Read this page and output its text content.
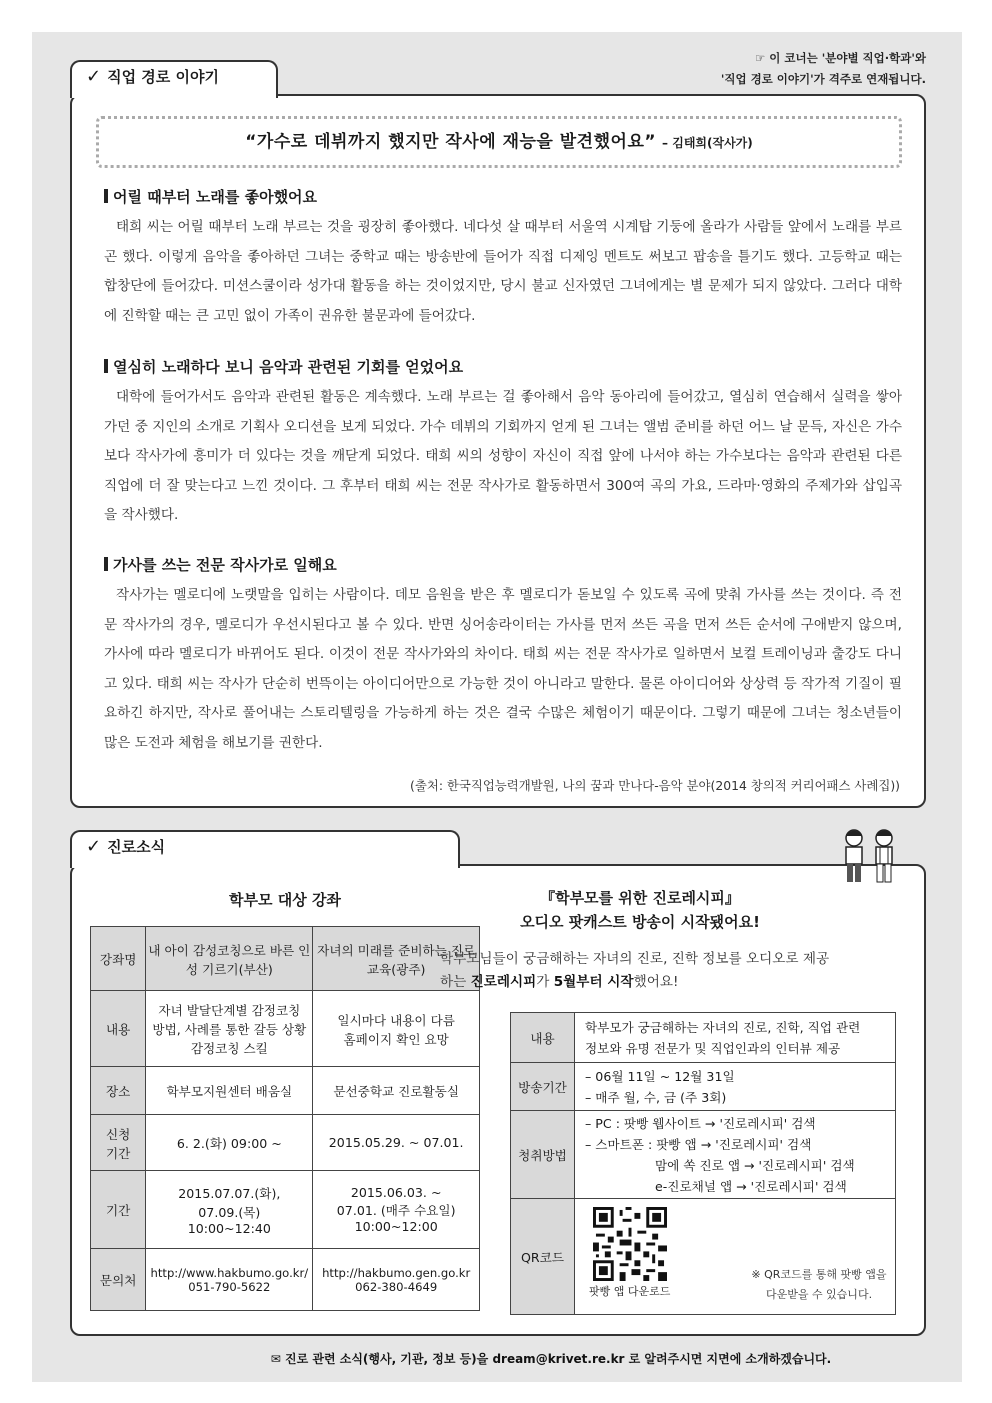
☞ 이 코너는 '분야별 직업·학과'와
'직업 경로 이야기'가 격주로 연재됩니다.
✓ 직업 경로 이야기
“가수로 데뷔까지 했지만 작사에 재능을 발견했어요” – 김태희(작사가)
어릴 때부터 노래를 좋아했어요

태희 씨는 어릴 때부터 노래 부르는 것을 굉장히 좋아했다. 네다섯 살 때부터 서울역 시계탑 기둥에 올라가 사람들 앞에서 노래를 부르곤 했다. 이렇게 음악을 좋아하던 그녀는 중학교 때는 방송반에 들어가 직접 디제잉 멘트도 써보고 팝송을 틀기도 했다. 고등학교 때는 합창단에 들어갔다. 미션스쿨이라 성가대 활동을 하는 것이었지만, 당시 불교 신자였던 그녀에게는 별 문제가 되지 않았다. 그러다 대학에 진학할 때는 큰 고민 없이 가족이 권유한 불문과에 들어갔다.

열심히 노래하다 보니 음악과 관련된 기회를 얻었어요

대학에 들어가서도 음악과 관련된 활동은 계속했다. 노래 부르는 걸 좋아해서 음악 동아리에 들어갔고, 열심히 연습해서 실력을 쌓아가던 중 지인의 소개로 기획사 오디션을 보게 되었다. 가수 데뷔의 기회까지 얻게 된 그녀는 앨범 준비를 하던 어느 날 문득, 자신은 가수보다 작사가에 흥미가 더 있다는 것을 깨닫게 되었다. 태희 씨의 성향이 자신이 직접 앞에 나서야 하는 가수보다는 음악과 관련된 다른 직업에 더 잘 맞는다고 느낀 것이다. 그 후부터 태희 씨는 전문 작사가로 활동하면서 300여 곡의 가요, 드라마·영화의 주제가와 삽입곡을 작사했다.

가사를 쓰는 전문 작사가로 일해요

작사가는 멜로디에 노랫말을 입히는 사람이다. 데모 음원을 받은 후 멜로디가 돋보일 수 있도록 곡에 맞춰 가사를 쓰는 것이다. 즉 전문 작사가의 경우, 멜로디가 우선시된다고 볼 수 있다. 반면 싱어송라이터는 가사를 먼저 쓰든 곡을 먼저 쓰든 순서에 구애받지 않으며, 가사에 따라 멜로디가 바뀌어도 된다. 이것이 전문 작사가와의 차이다. 태희 씨는 전문 작사가로 일하면서 보컬 트레이닝과 출강도 다니고 있다. 태희 씨는 작사가 단순히 번뜩이는 아이디어만으로 가능한 것이 아니라고 말한다. 물론 아이디어와 상상력 등 작가적 기질이 필요하긴 하지만, 작사로 풀어내는 스토리텔링을 가능하게 하는 것은 결국 수많은 체험이기 때문이다. 그렇기 때문에 그녀는 청소년들이 많은 도전과 체험을 해보기를 권한다.

(출처: 한국직업능력개발원, 나의 꿈과 만나다-음악 분야(2014 창의적 커리어패스 사례집))
✓ 진로소식
학부모 대상 강좌
강좌명	내 아이 감성코칭으로 바른 인성 기르기(부산)	자녀의 미래를 준비하는 진로교육(광주)
내용	자녀 발달단계별 감정코칭 방법, 사례를 통한 갈등 상황 감정코칭 스킬	일시마다 내용이 다름 홈페이지 확인 요망
장소	학부모지원센터 배움실	문선중학교 진로활동실
신청 기간	6. 2.(화) 09:00 ~	2015.05.29. ~ 07.01.
기간	2015.07.07.(화), 07.09.(목) 10:00~12:40	2015.06.03. ~ 07.01. (매주 수요일) 10:00~12:00
문의처	http://www.hakbumo.go.kr/ 051-790-5622	http://hakbumo.gen.go.kr 062-380-4649
『학부모를 위한 진로레시피』
오디오 팟캐스트 방송이 시작됐어요!
학부모님들이 궁금해하는 자녀의 진로, 진학 정보를 오디오로 제공하는 진로레시피가 5월부터 시작했어요!
내용	학부모가 궁금해하는 자녀의 진로, 진학, 직업 관련
정보와 유명 전문가 및 직업인과의 인터뷰 제공

방송기간	– 06월 11일 ~ 12월 31일
– 매주 월, 수, 금 (주 3회)

청취방법	– PC : 팟빵 웹사이트 → '진로레시피' 검색
– 스마트폰 : 팟빵 앱 → '진로레시피' 검색
맘에 쏙 진로 앱 → '진로레시피' 검색
e-진로채널 앱 → '진로레시피' 검색

QR코드	팟빵 앱 다운로드
※ QR코드를 통해 팟빵 앱을
다운받을 수 있습니다.
✉ 진로 관련 소식(행사, 기관, 정보 등)을 dream@krivet.re.kr 로 알려주시면 지면에 소개하겠습니다.
